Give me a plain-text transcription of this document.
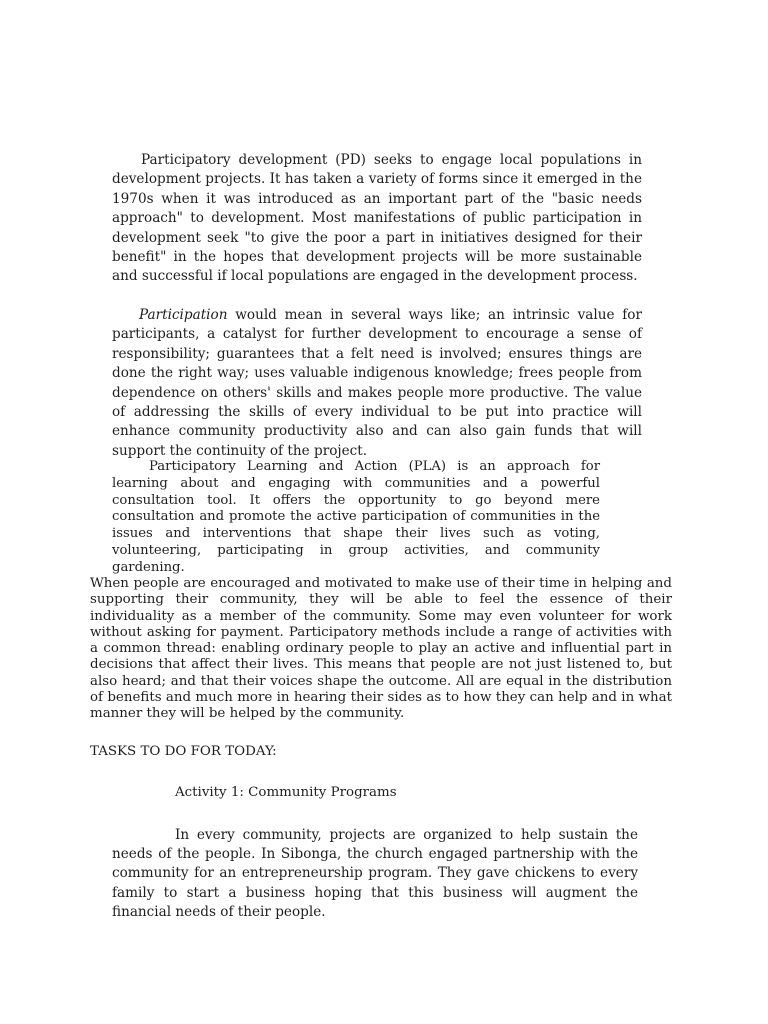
Participatory development (PD) seeks to engage local populations in development projects. It has taken a variety of forms since it emerged in the 1970s when it was introduced as an important part of the "basic needs approach" to development. Most manifestations of public participation in development seek "to give the poor a part in initiatives designed for their benefit" in the hopes that development projects will be more sustainable and successful if local populations are engaged in the development process.

Participation would mean in several ways like; an intrinsic value for participants, a catalyst for further development to encourage a sense of responsibility; guarantees that a felt need is involved; ensures things are done the right way; uses valuable indigenous knowledge; frees people from dependence on others' skills and makes people more productive. The value of addressing the skills of every individual to be put into practice will enhance community productivity also and can also gain funds that will support the continuity of the project.

Participatory Learning and Action (PLA) is an approach for learning about and engaging with communities and a powerful consultation tool. It offers the opportunity to go beyond mere consultation and promote the active participation of communities in the issues and interventions that shape their lives such as voting, volunteering, participating in group activities, and community gardening.

When people are encouraged and motivated to make use of their time in helping and supporting their community, they will be able to feel the essence of their individuality as a member of the community. Some may even volunteer for work without asking for payment. Participatory methods include a range of activities with a common thread: enabling ordinary people to play an active and influential part in decisions that affect their lives. This means that people are not just listened to, but also heard; and that their voices shape the outcome. All are equal in the distribution of benefits and much more in hearing their sides as to how they can help and in what manner they will be helped by the community.

TASKS TO DO FOR TODAY:

Activity 1: Community Programs

In every community, projects are organized to help sustain the needs of the people. In Sibonga, the church engaged partnership with the community for an entrepreneurship program. They gave chickens to every family to start a business hoping that this business will augment the financial needs of their people.
